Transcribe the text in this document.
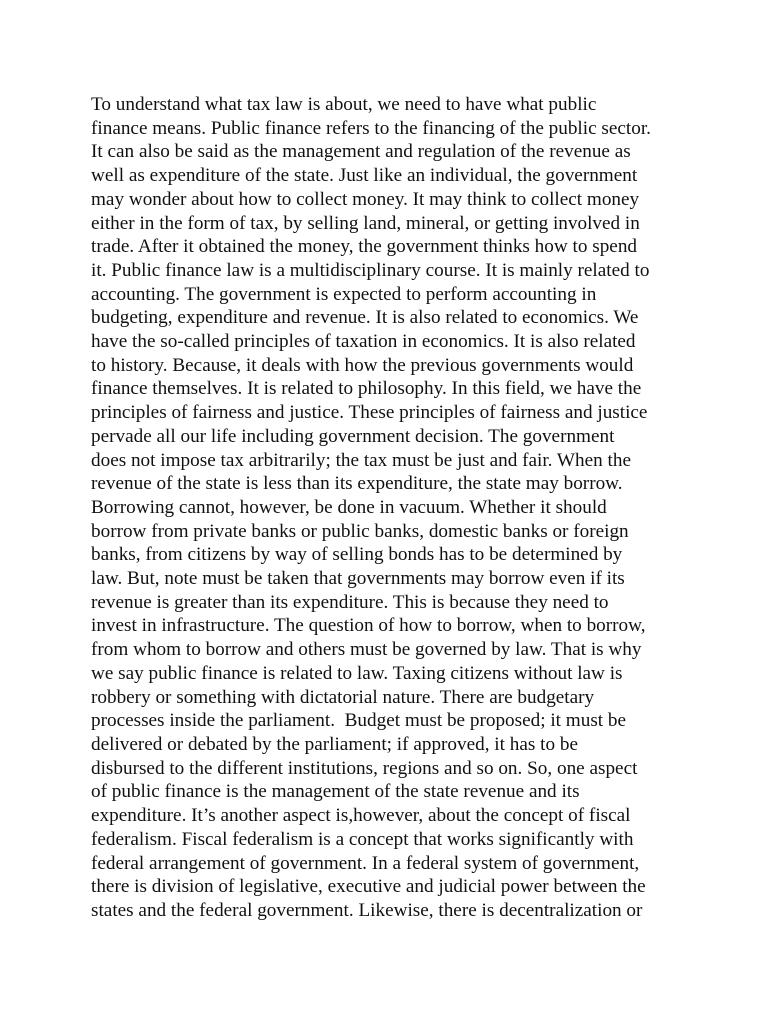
To understand what tax law is about, we need to have what public
finance means. Public finance refers to the financing of the public sector.
It can also be said as the management and regulation of the revenue as
well as expenditure of the state. Just like an individual, the government
may wonder about how to collect money. It may think to collect money
either in the form of tax, by selling land, mineral, or getting involved in
trade. After it obtained the money, the government thinks how to spend
it. Public finance law is a multidisciplinary course. It is mainly related to
accounting. The government is expected to perform accounting in
budgeting, expenditure and revenue. It is also related to economics. We
have the so-called principles of taxation in economics. It is also related
to history. Because, it deals with how the previous governments would
finance themselves. It is related to philosophy. In this field, we have the
principles of fairness and justice. These principles of fairness and justice
pervade all our life including government decision. The government
does not impose tax arbitrarily; the tax must be just and fair. When the
revenue of the state is less than its expenditure, the state may borrow.
Borrowing cannot, however, be done in vacuum. Whether it should
borrow from private banks or public banks, domestic banks or foreign
banks, from citizens by way of selling bonds has to be determined by
law. But, note must be taken that governments may borrow even if its
revenue is greater than its expenditure. This is because they need to
invest in infrastructure. The question of how to borrow, when to borrow,
from whom to borrow and others must be governed by law. That is why
we say public finance is related to law. Taxing citizens without law is
robbery or something with dictatorial nature. There are budgetary
processes inside the parliament.  Budget must be proposed; it must be
delivered or debated by the parliament; if approved, it has to be
disbursed to the different institutions, regions and so on. So, one aspect
of public finance is the management of the state revenue and its
expenditure. It’s another aspect is,however, about the concept of fiscal
federalism. Fiscal federalism is a concept that works significantly with
federal arrangement of government. In a federal system of government,
there is division of legislative, executive and judicial power between the
states and the federal government. Likewise, there is decentralization or
